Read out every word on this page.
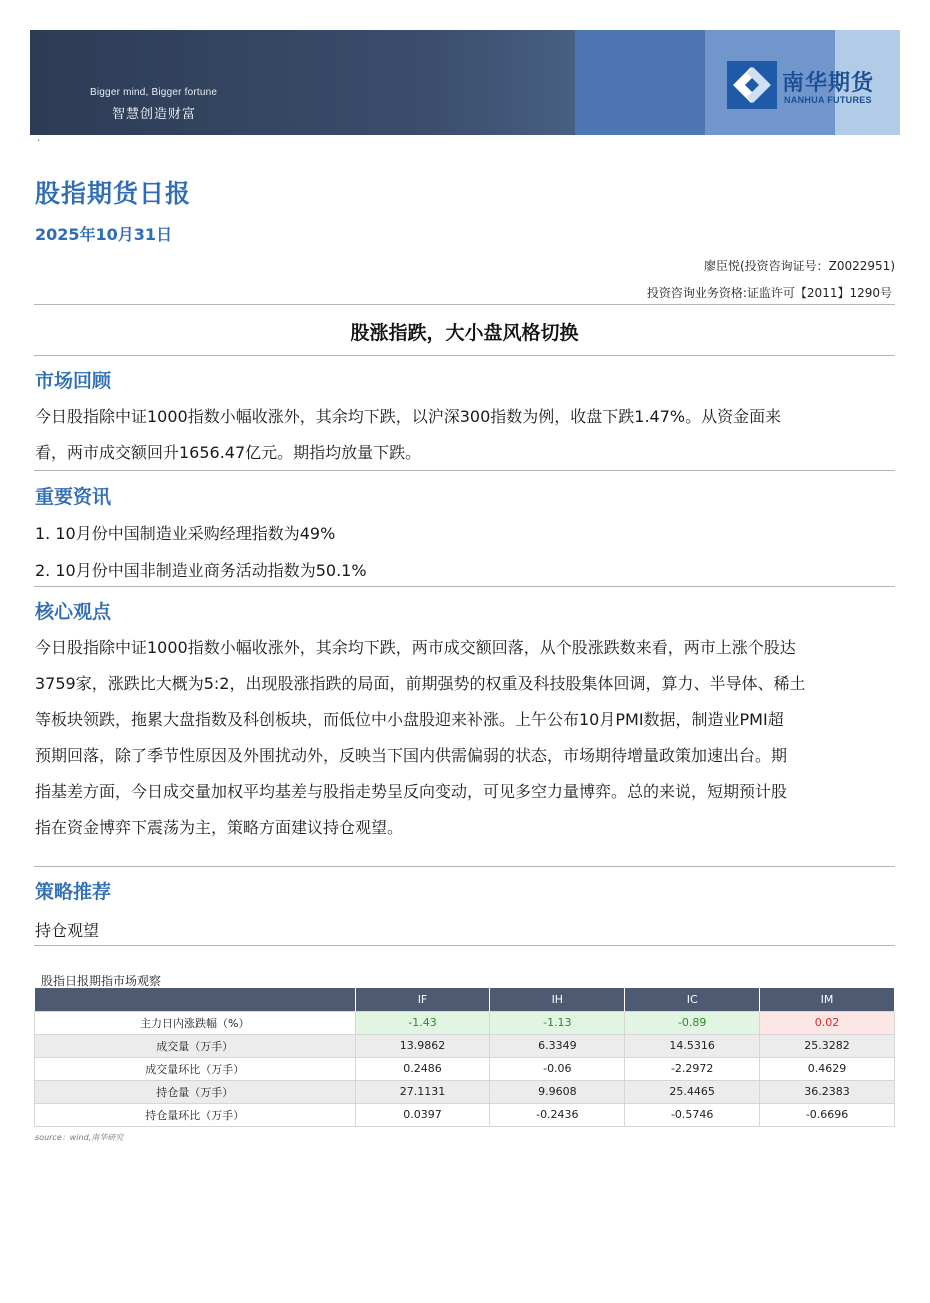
Bigger mind, Bigger fortune
智慧创造财富
南华期货
NANHUA FUTURES
·
股指期货日报
2025年10月31日
廖臣悦(投资咨询证号：Z0022951)
投资咨询业务资格:证监许可【2011】1290号
股涨指跌，大小盘风格切换
市场回顾
今日股指除中证1000指数小幅收涨外，其余均下跌，以沪深300指数为例，收盘下跌1.47%。从资金面来
看，两市成交额回升1656.47亿元。期指均放量下跌。
重要资讯
1. 10月份中国制造业采购经理指数为49%
2. 10月份中国非制造业商务活动指数为50.1%
核心观点
今日股指除中证1000指数小幅收涨外，其余均下跌，两市成交额回落，从个股涨跌数来看，两市上涨个股达
3759家，涨跌比大概为5:2，出现股涨指跌的局面，前期强势的权重及科技股集体回调，算力、半导体、稀土
等板块领跌，拖累大盘指数及科创板块，而低位中小盘股迎来补涨。上午公布10月PMI数据，制造业PMI超
预期回落，除了季节性原因及外围扰动外，反映当下国内供需偏弱的状态，市场期待增量政策加速出台。期
指基差方面，今日成交量加权平均基差与股指走势呈反向变动，可见多空力量博弈。总的来说，短期预计股
指在资金博弈下震荡为主，策略方面建议持仓观望。
策略推荐
持仓观望
股指日报期指市场观察
	IF	IH	IC	IM
主力日内涨跌幅（%）	-1.43	-1.13	-0.89	0.02
成交量（万手）	13.9862	6.3349	14.5316	25.3282
成交量环比（万手）	0.2486	-0.06	-2.2972	0.4629
持仓量（万手）	27.1131	9.9608	25.4465	36.2383
持仓量环比（万手）	0.0397	-0.2436	-0.5746	-0.6696
source：wind,南华研究
